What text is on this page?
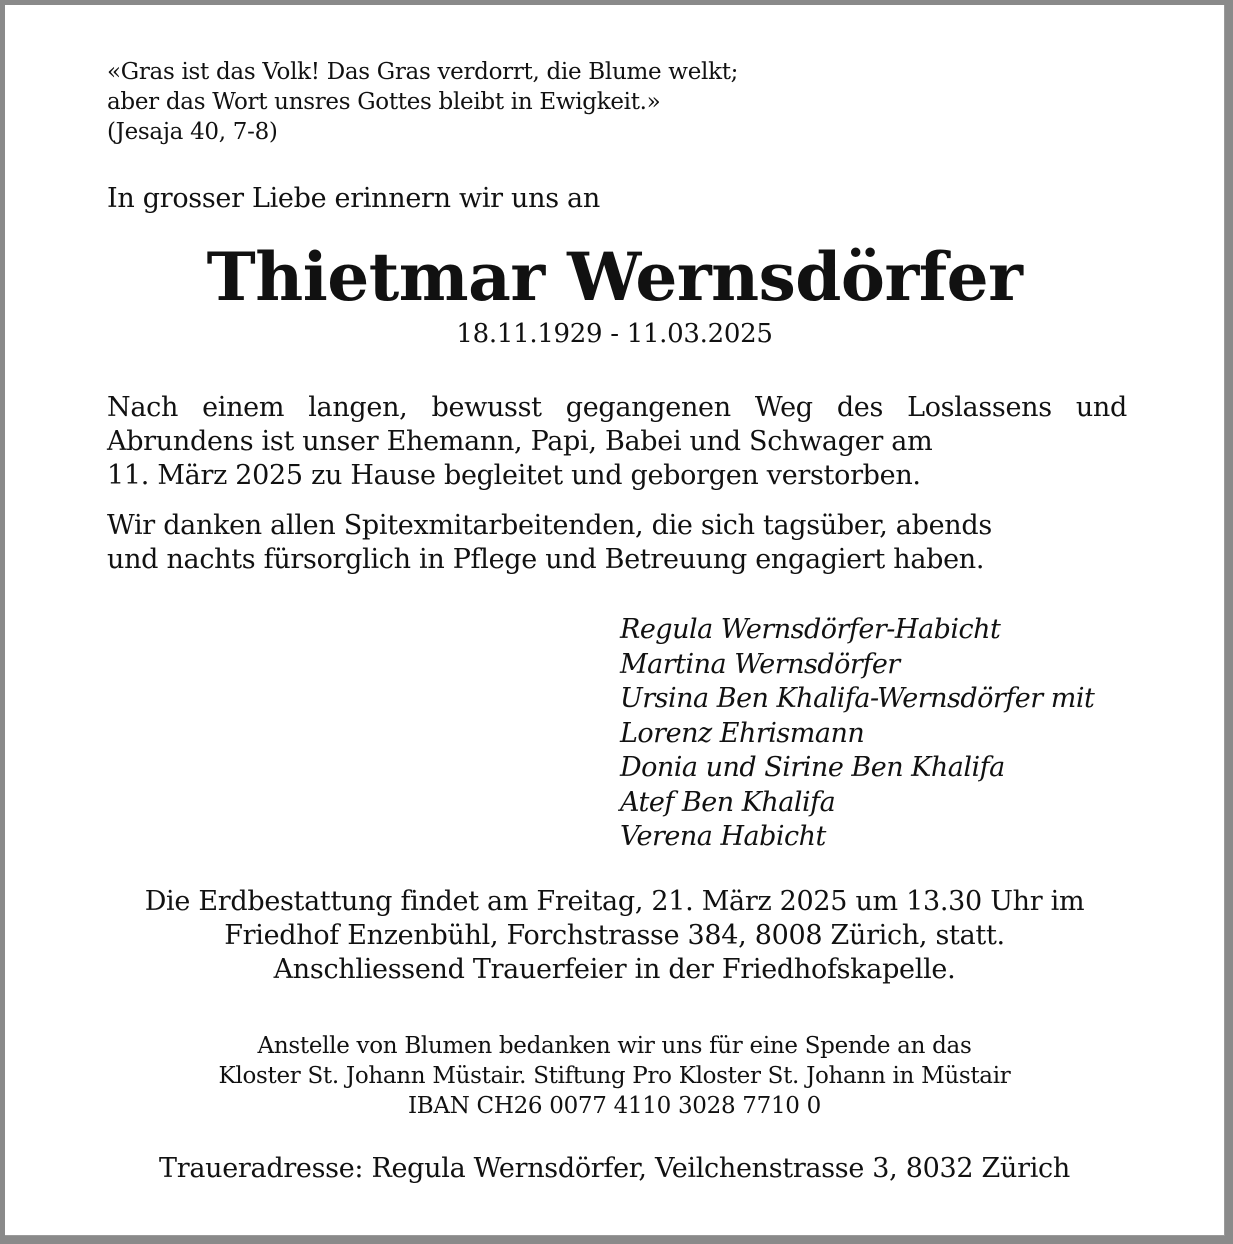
«Gras ist das Volk! Das Gras verdorrt, die Blume welkt;
aber das Wort unsres Gottes bleibt in Ewigkeit.»
(Jesaja 40, 7-8)
In grosser Liebe erinnern wir uns an
Thietmar Wernsdörfer
18.11.1929 - 11.03.2025
Nach einem langen, bewusst gegangenen Weg des Loslassens und
Abrundens ist unser Ehemann, Papi, Babei und Schwager am
11. März 2025 zu Hause begleitet und geborgen verstorben.
Wir danken allen Spitexmitarbeitenden, die sich tagsüber, abends
und nachts fürsorglich in Pflege und Betreuung engagiert haben.
Regula Wernsdörfer-Habicht
Martina Wernsdörfer
Ursina Ben Khalifa-Wernsdörfer mit
Lorenz Ehrismann
Donia und Sirine Ben Khalifa
Atef Ben Khalifa
Verena Habicht
Die Erdbestattung findet am Freitag, 21. März 2025 um 13.30 Uhr im
Friedhof Enzenbühl, Forchstrasse 384, 8008 Zürich, statt.
Anschliessend Trauerfeier in der Friedhofskapelle.
Anstelle von Blumen bedanken wir uns für eine Spende an das
Kloster St. Johann Müstair. Stiftung Pro Kloster St. Johann in Müstair
IBAN CH26 0077 4110 3028 7710 0
Traueradresse: Regula Wernsdörfer, Veilchenstrasse 3, 8032 Zürich
